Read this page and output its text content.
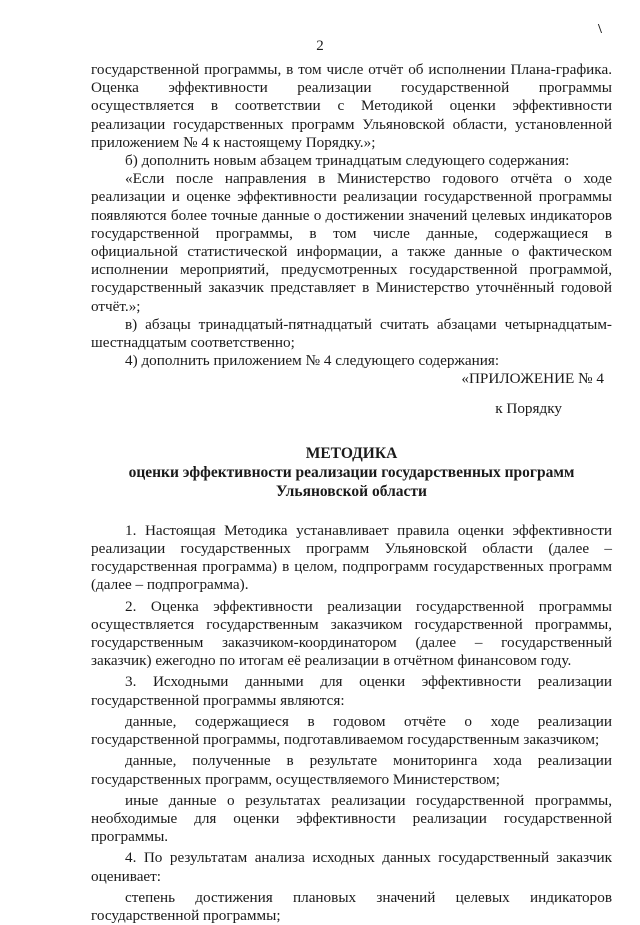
2
\

государственной программы, в том числе отчёт об исполнении Плана-графика. Оценка эффективности реализации государственной программы осуществляется в соответствии с Методикой оценки эффективности реализации государственных программ Ульяновской области, установленной приложением № 4 к настоящему Порядку.»;

б) дополнить новым абзацем тринадцатым следующего содержания:

«Если после направления в Министерство годового отчёта о ходе реализации и оценке эффективности реализации государственной программы появляются более точные данные о достижении значений целевых индикаторов государственной программы, в том числе данные, содержащиеся в официальной статистической информации, а также данные о фактическом исполнении мероприятий, предусмотренных государственной программой, государственный заказчик представляет в Министерство уточнённый годовой отчёт.»;

в) абзацы тринадцатый-пятнадцатый считать абзацами четырнадцатым-шестнадцатым соответственно;

4) дополнить приложением № 4 следующего содержания:

«ПРИЛОЖЕНИЕ № 4

к Порядку

МЕТОДИКА

оценки эффективности реализации государственных программ

Ульяновской области

1. Настоящая Методика устанавливает правила оценки эффективности реализации государственных программ Ульяновской области (далее – государственная программа) в целом, подпрограмм государственных программ (далее – подпрограмма).

2. Оценка эффективности реализации государственной программы осуществляется государственным заказчиком государственной программы, государственным заказчиком-координатором (далее – государственный заказчик) ежегодно по итогам её реализации в отчётном финансовом году.

3. Исходными данными для оценки эффективности реализации государственной программы являются:

данные, содержащиеся в годовом отчёте о ходе реализации государственной программы, подготавливаемом государственным заказчиком;

данные, полученные в результате мониторинга хода реализации государственных программ, осуществляемого Министерством;

иные данные о результатах реализации государственной программы, необходимые для оценки эффективности реализации государственной программы.

4. По результатам анализа исходных данных государственный заказчик оценивает:

степень достижения плановых значений целевых индикаторов государственной программы;
